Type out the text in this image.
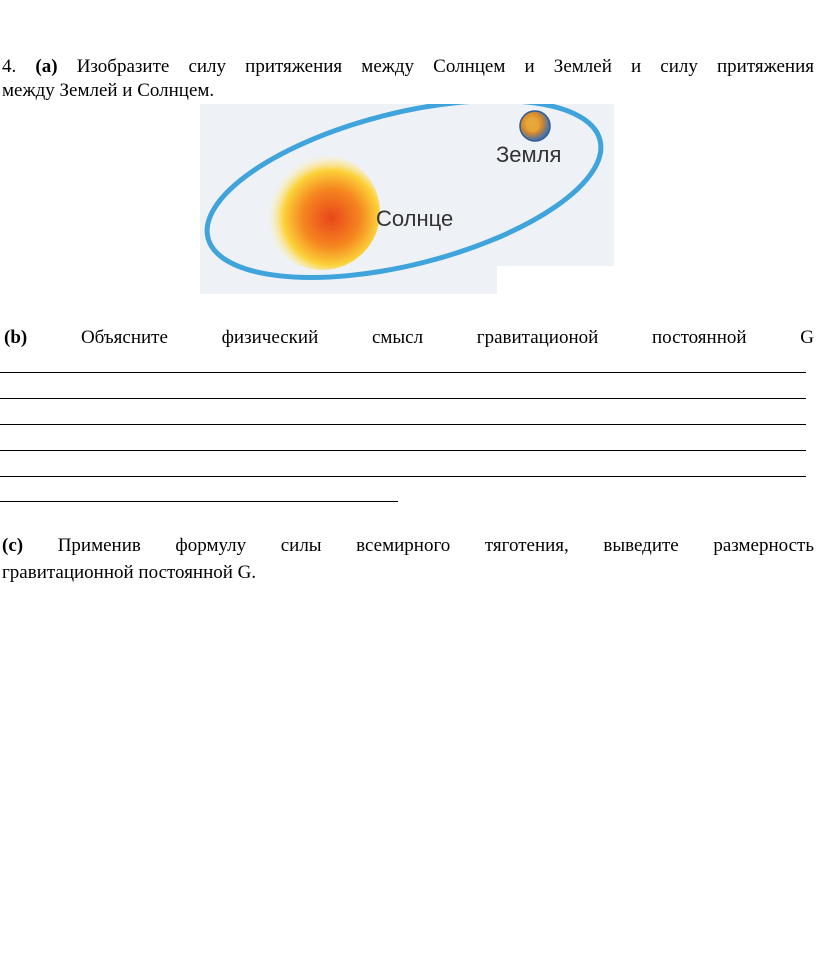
4. (a) Изобразите силу притяжения между Солнцем и Землей и силу притяжения
между Землей и Солнцем.
Земля
Солнце
(b)	Объясните	физический	смысл	гравитационой	постоянной	G
(c) Применив формулу силы всемирного тяготения, выведите размерность
гравитационной постоянной G.
